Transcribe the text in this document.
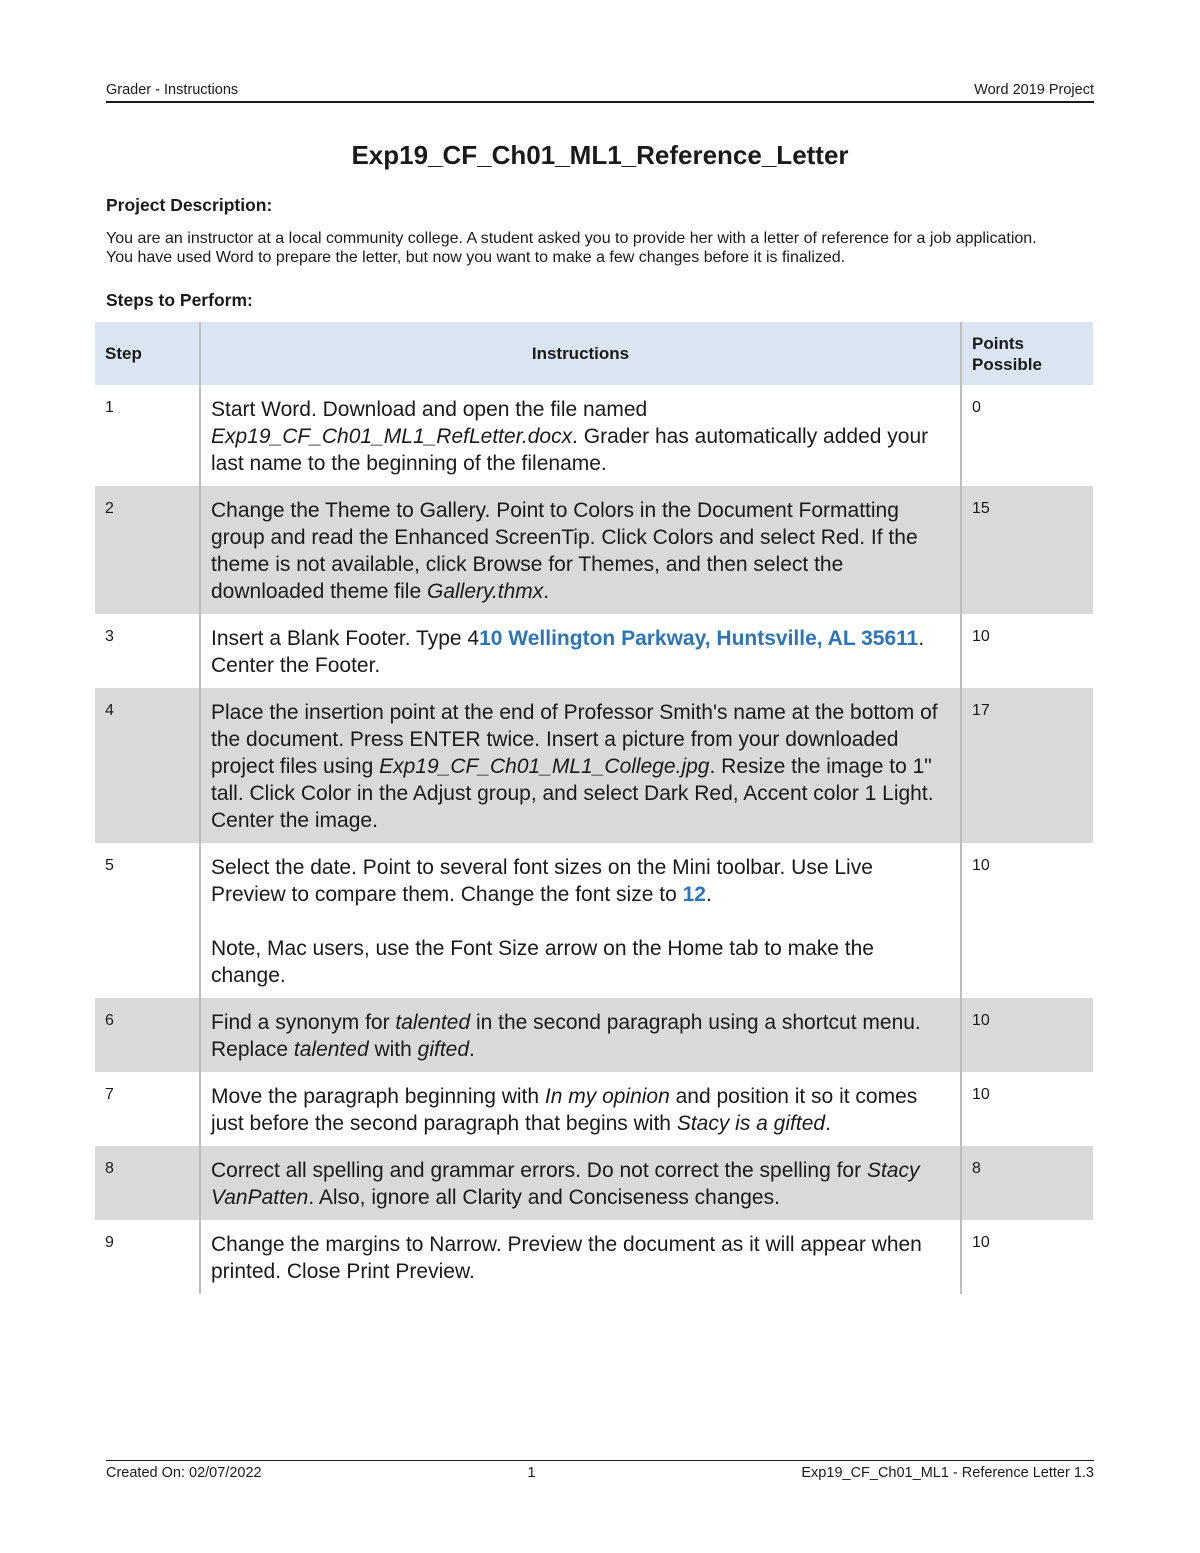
Grader - Instructions	Word 2019 Project
Exp19_CF_Ch01_ML1_Reference_Letter
Project Description:
You are an instructor at a local community college. A student asked you to provide her with a letter of reference for a job application. You have used Word to prepare the letter, but now you want to make a few changes before it is finalized.
Steps to Perform:
Step	Instructions	Points
Possible
1	Start Word. Download and open the file named Exp19_CF_Ch01_ML1_RefLetter.docx. Grader has automatically added your last name to the beginning of the filename.	0
2	Change the Theme to Gallery. Point to Colors in the Document Formatting group and read the Enhanced ScreenTip. Click Colors and select Red. If the theme is not available, click Browse for Themes, and then select the downloaded theme file Gallery.thmx.	15
3	Insert a Blank Footer. Type 410 Wellington Parkway, Huntsville, AL 35611. Center the Footer.	10
4	Place the insertion point at the end of Professor Smith's name at the bottom of the document. Press ENTER twice. Insert a picture from your downloaded project files using Exp19_CF_Ch01_ML1_College.jpg. Resize the image to 1" tall. Click Color in the Adjust group, and select Dark Red, Accent color 1 Light. Center the image.	17
5	Select the date. Point to several font sizes on the Mini toolbar. Use Live Preview to compare them. Change the font size to 12.
Note, Mac users, use the Font Size arrow on the Home tab to make the change.	10
6	Find a synonym for talented in the second paragraph using a shortcut menu. Replace talented with gifted.	10
7	Move the paragraph beginning with In my opinion and position it so it comes just before the second paragraph that begins with Stacy is a gifted.	10
8	Correct all spelling and grammar errors. Do not correct the spelling for Stacy VanPatten. Also, ignore all Clarity and Conciseness changes.	8
9	Change the margins to Narrow. Preview the document as it will appear when printed. Close Print Preview.	10
Created On: 02/07/2022	1	Exp19_CF_Ch01_ML1 - Reference Letter 1.3
